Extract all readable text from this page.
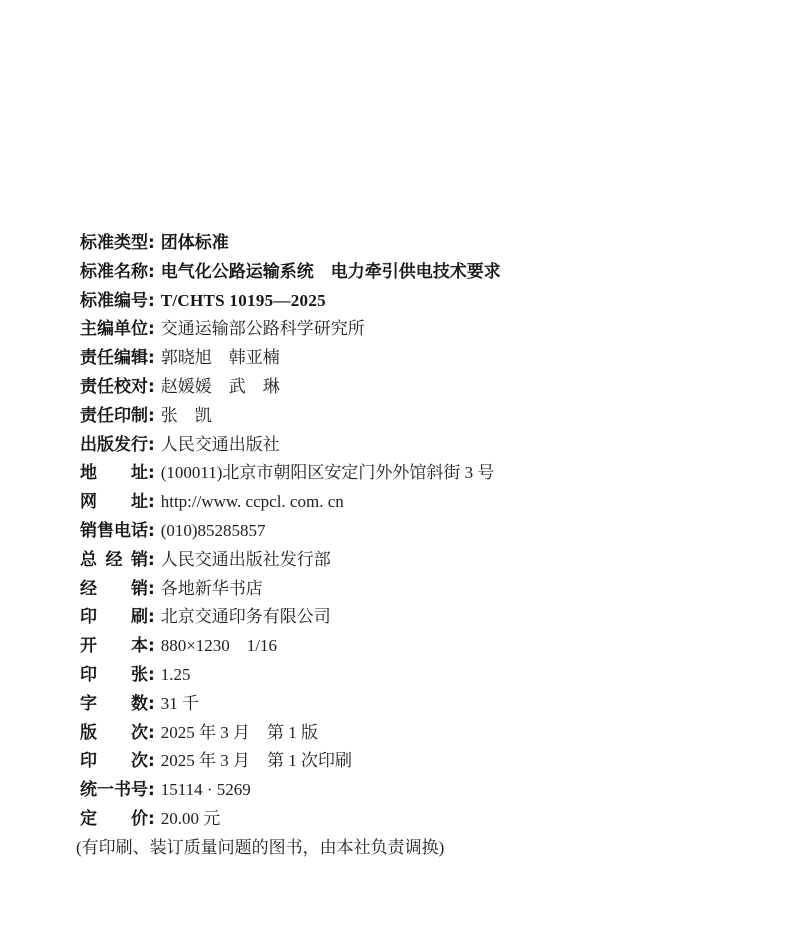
标准类型: 团体标准
标准名称: 电气化公路运输系统　电力牵引供电技术要求
标准编号: T/CHTS 10195—2025
主编单位: 交通运输部公路科学研究所
责任编辑: 郭晓旭　韩亚楠
责任校对: 赵媛媛　武　琳
责任印制: 张　凯
出版发行: 人民交通出版社
地　　址: (100011)北京市朝阳区安定门外外馆斜街 3 号
网　　址: http://www. ccpcl. com. cn
销售电话: (010)85285857
总 经 销: 人民交通出版社发行部
经　　销: 各地新华书店
印　　刷: 北京交通印务有限公司
开　　本: 880×1230　1/16
印　　张: 1.25
字　　数: 31 千
版　　次: 2025 年 3 月　第 1 版
印　　次: 2025 年 3 月　第 1 次印刷
统一书号: 15114 · 5269
定　　价: 20.00 元
(有印刷、装订质量问题的图书，由本社负责调换)
